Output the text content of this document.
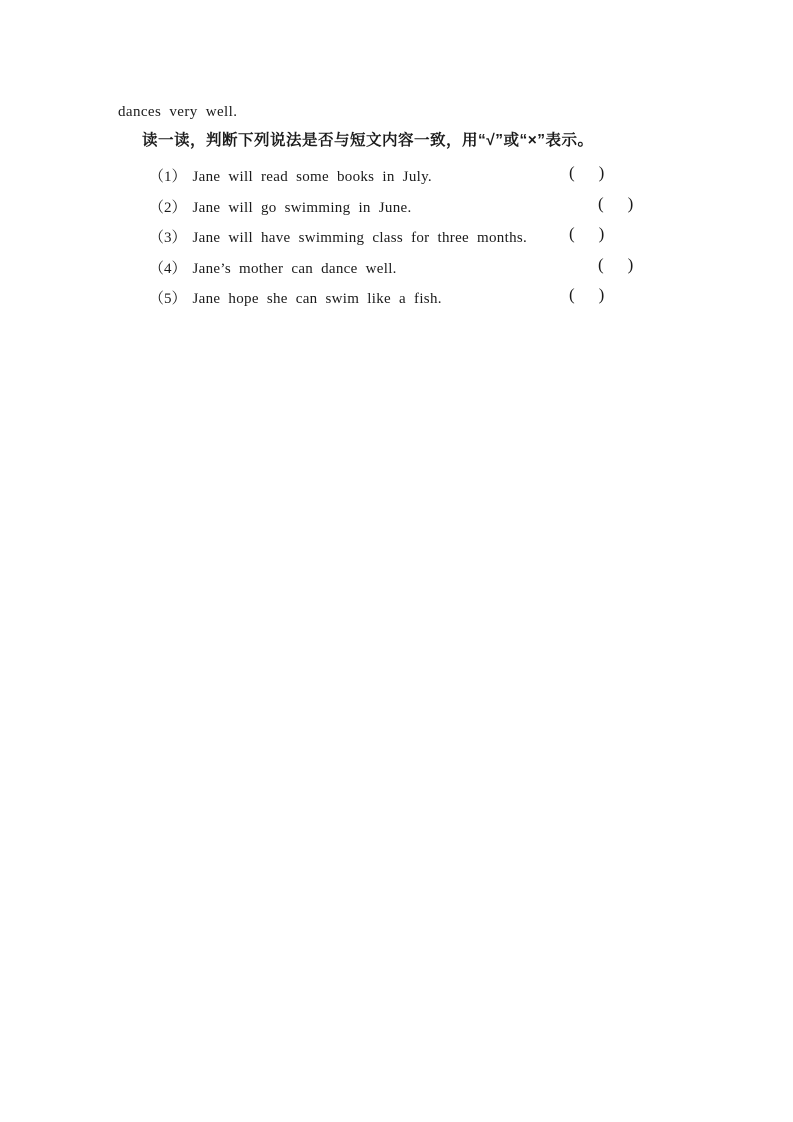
dances very well.
读一读，判断下列说法是否与短文内容一致，用“√”或“×”表示。
（1） Jane will read some books in July.	( )
（2） Jane will go swimming in June.	( )
（3） Jane will have swimming class for three months. ( )
（4） Jane’s mother can dance well.	( )
（5） Jane hope she can swim like a fish.	( )
